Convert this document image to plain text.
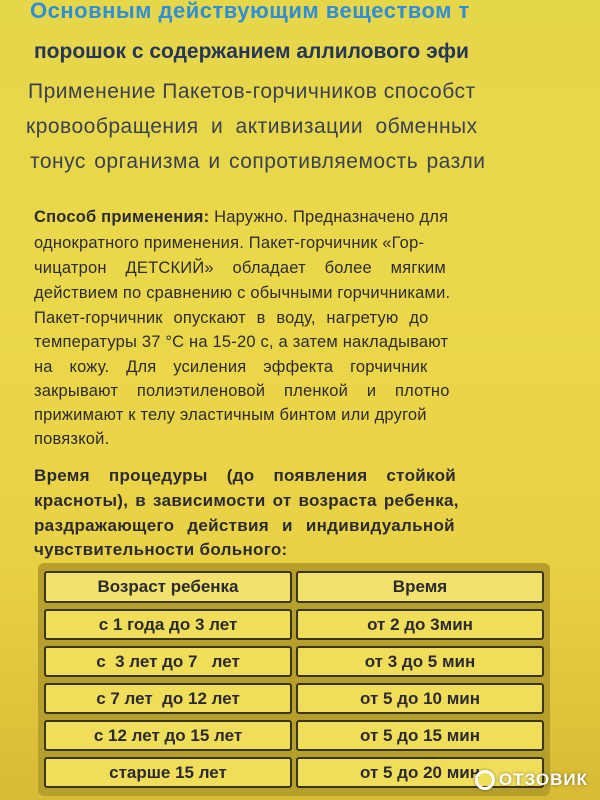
Основным действующим веществом т
порошок с содержанием аллилового эфи
Применение Пакетов-горчичников способст
кровообращения и активизации обменных
тонус организма и сопротивляемость разли
Способ применения: Наружно. Предназначено для
однократного применения. Пакет-горчичник «Гор-
чицатрон ДЕТСКИЙ» обладает более мягким
действием по сравнению с обычными горчичниками.
Пакет-горчичник опускают в воду, нагретую до
температуры 37 °С на 15-20 с, а затем накладывают
на кожу. Для усиления эффекта горчичник
закрывают полиэтиленовой пленкой и плотно
прижимают к телу эластичным бинтом или другой
повязкой.
Время процедуры (до появления стойкой
красноты), в зависимости от возраста ребенка,
раздражающего действия и индивидуальной
чувствительности больного:
Возраст ребенка	Время
с 1 года до 3 лет	от 2 до 3мин
с  3 лет до 7   лет	от 3 до 5 мин
с 7 лет  до 12 лет	от 5 до 10 мин
с 12 лет до 15 лет	от 5 до 15 мин
старше 15 лет	от 5 до 20 мин ОТЗОВИК
